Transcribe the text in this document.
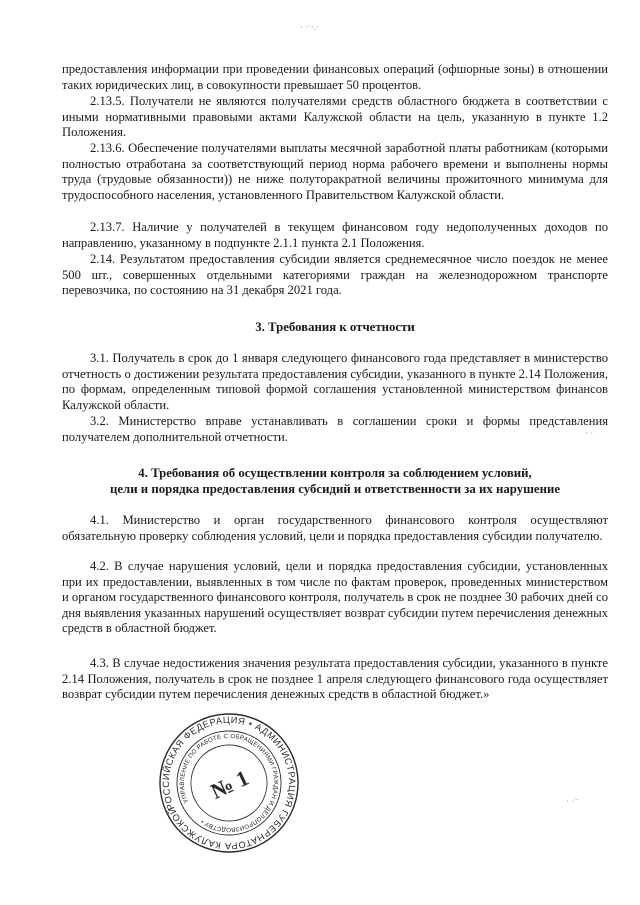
· ·ˑ·.·

предоставления информации при проведении финансовых операций (офшорные зоны) в отношении таких юридических лиц, в совокупности превышает 50 процентов.

2.13.5. Получатели не являются получателями средств областного бюджета в соответствии с иными нормативными правовыми актами Калужской области на цель, указанную в пункте 1.2 Положения.

2.13.6. Обеспечение получателями выплаты месячной заработной платы работникам (которыми полностью отработана за соответствующий период норма рабочего времени и выполнены нормы труда (трудовые обязанности)) не ниже полуторакратной величины прожиточного минимума для трудоспособного населения, установленного Правительством Калужской области.

2.13.7. Наличие у получателей в текущем финансовом году недополученных доходов по направлению, указанному в подпункте 2.1.1 пункта 2.1 Положения.

2.14. Результатом предоставления субсидии является среднемесячное число поездок не менее 500 шт., совершенных отдельными категориями граждан на железнодорожном транспорте перевозчика, по состоянию на 31 декабря 2021 года.

3. Требования к отчетности

3.1. Получатель в срок до 1 января следующего финансового года представляет в министерство отчетность о достижении результата предоставления субсидии, указанного в пункте 2.14 Положения, по формам, определенным типовой формой соглашения установленной министерством финансов Калужской области.

3.2. Министерство вправе устанавливать в соглашении сроки и формы представления получателем дополнительной отчетности.

4. Требования об осуществлении контроля за соблюдением условий,
цели и порядка предоставления субсидий и ответственности за их нарушение

4.1. Министерство и орган государственного финансового контроля осуществляют обязательную проверку соблюдения условий, цели и порядка предоставления субсидии получателю.

4.2. В случае нарушения условий, цели и порядка предоставления субсидии, установленных при их предоставлении, выявленных в том числе по фактам проверок, проведенных министерством и органом государственного финансового контроля, получатель в срок не позднее 30 рабочих дней со дня выявления указанных нарушений осуществляет возврат субсидии путем перечисления денежных средств в областной бюджет.

4.3. В случае недостижения значения результата предоставления субсидии, указанного в пункте 2.14 Положения, получатель в срок не позднее 1 апреля следующего финансового года осуществляет возврат субсидии путем перечисления денежных средств в областной бюджет.»

РОССИЙСКАЯ ФЕДЕРАЦИЯ • АДМИНИСТРАЦИЯ ГУБЕРНАТОРА КАЛУЖСКОЙ
УПРАВЛЕНИЕ ПО РАБОТЕ С ОБРАЩЕНИЯМИ ГРАЖДАН И ДЕЛОПРОИЗВОДСТВУ •
№ 1	· ·⁻
· ·
